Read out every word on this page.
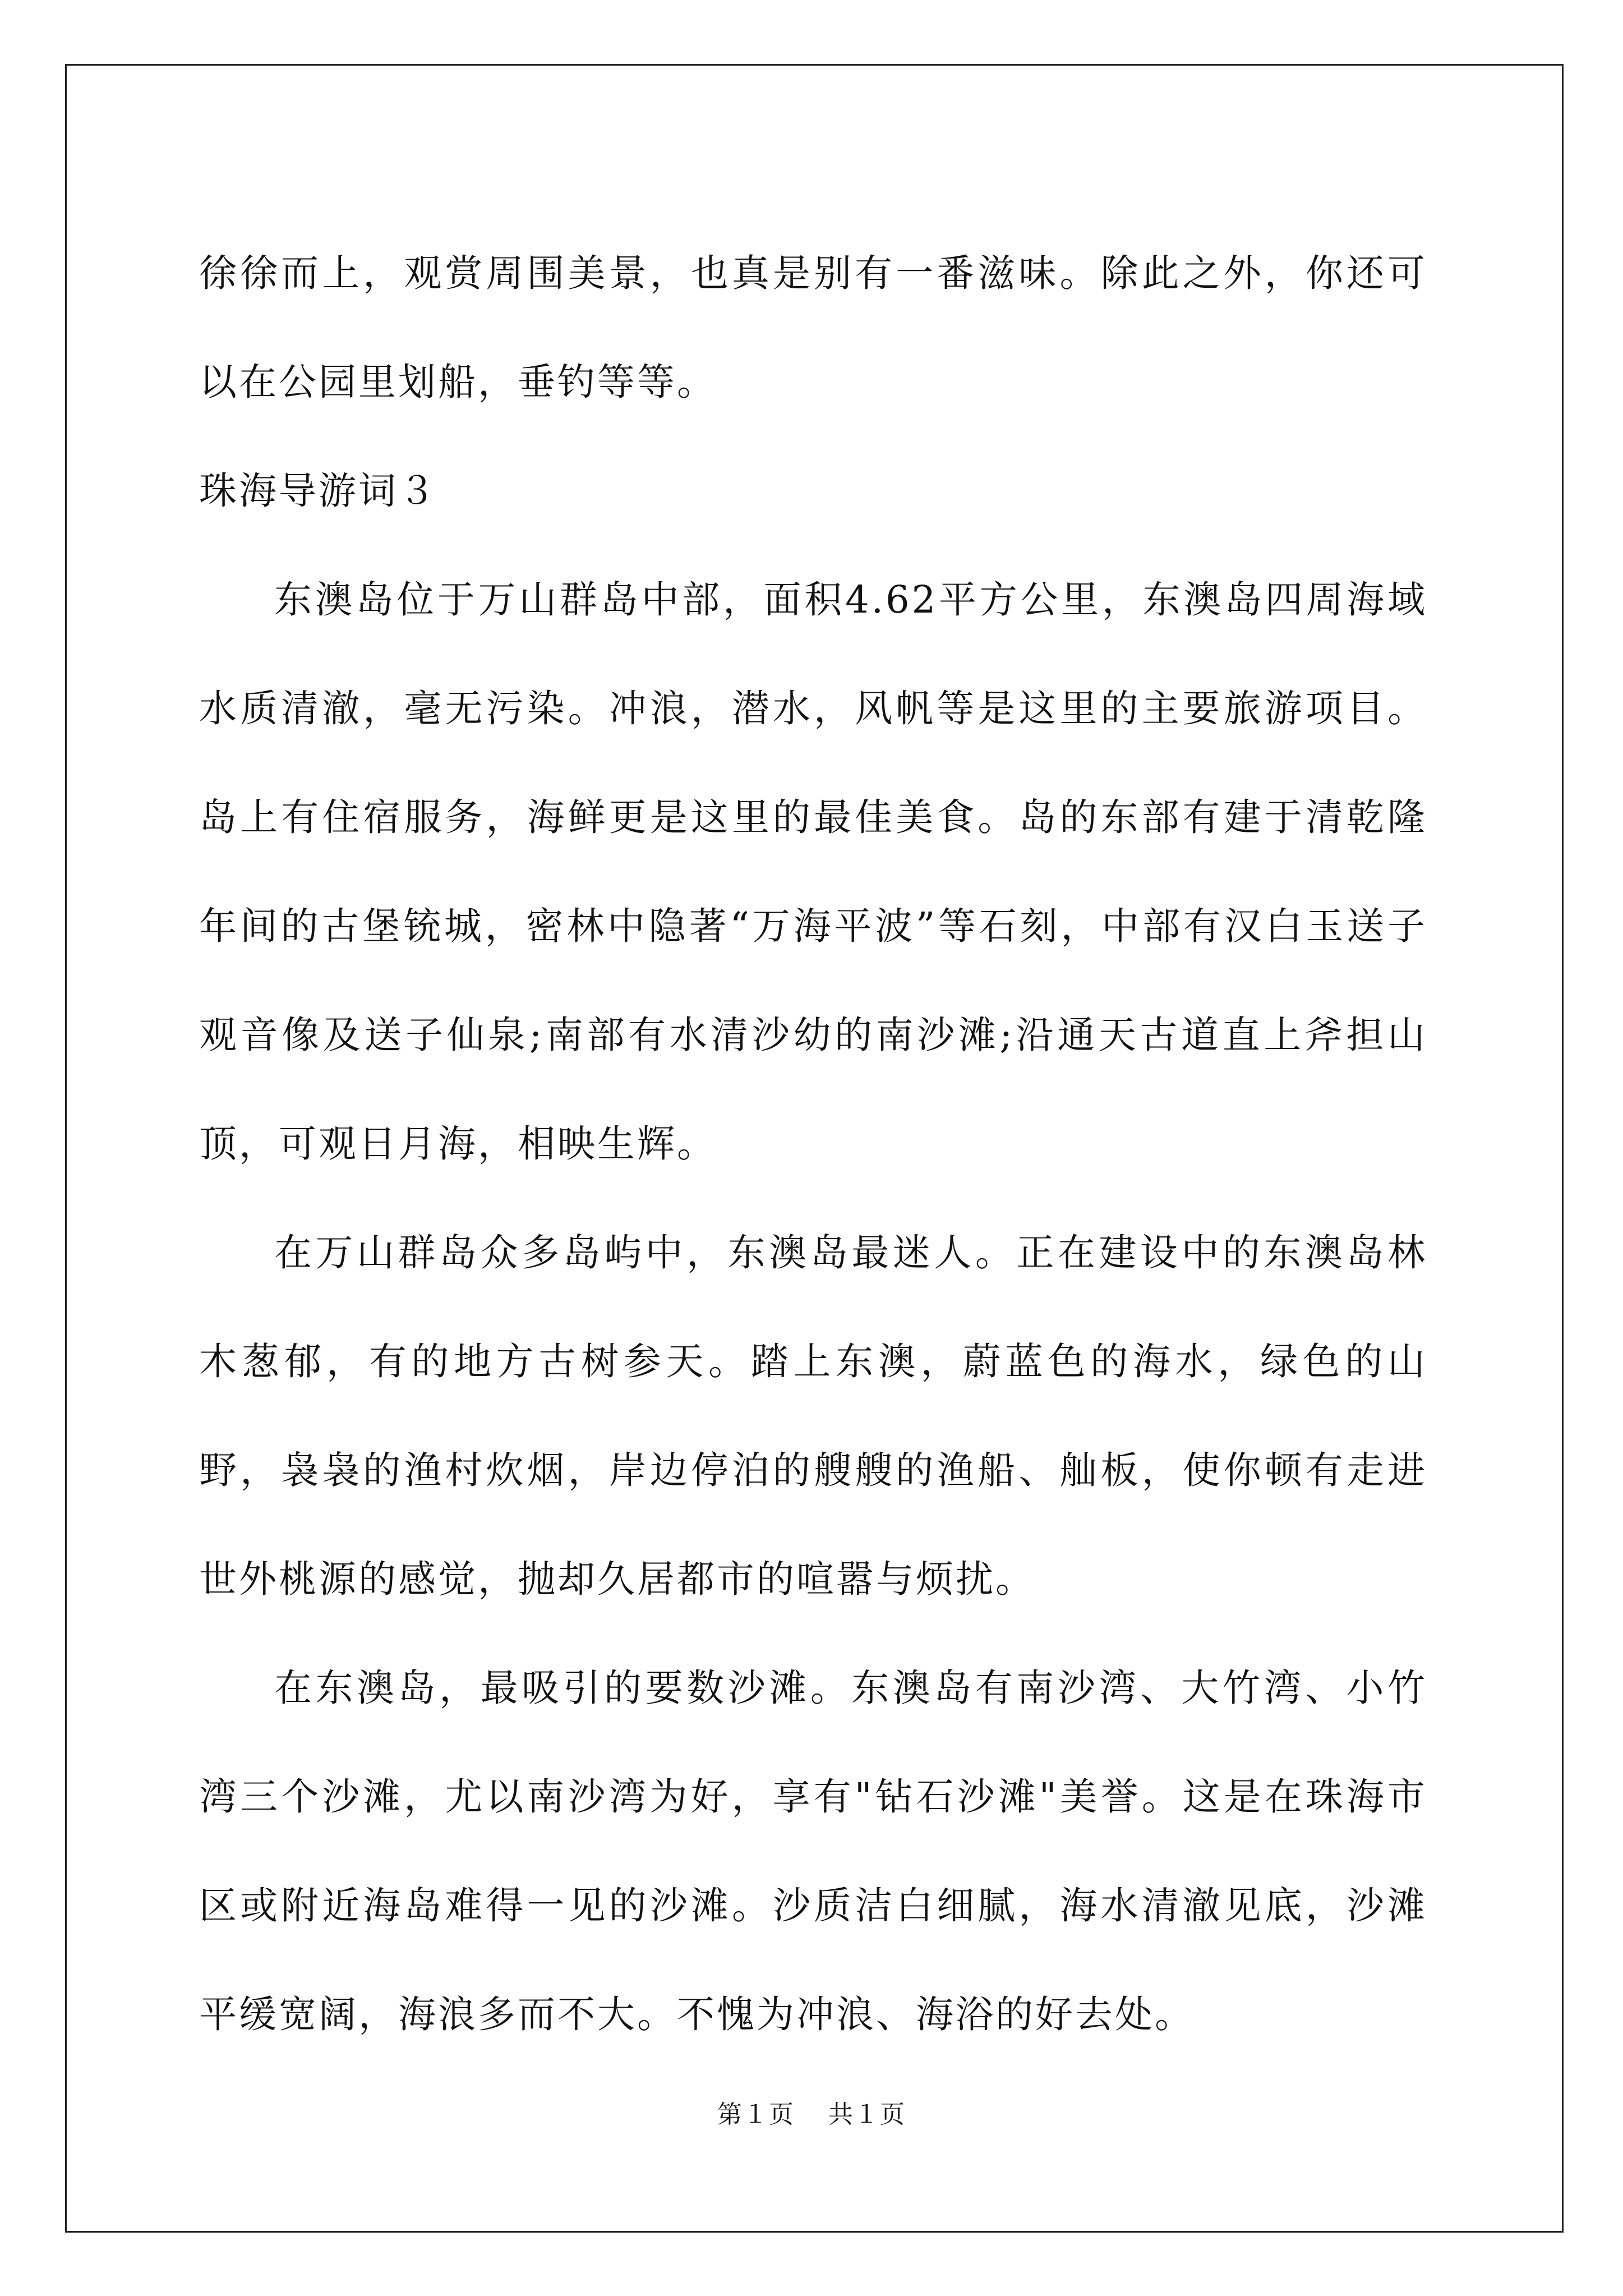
徐徐而上，观赏周围美景，也真是别有一番滋味。除此之外，你还可以在公园里划船，垂钓等等。

珠海导游词３

东澳岛位于万山群岛中部，面积4.62平方公里，东澳岛四周海域水质清澈，毫无污染。冲浪，潜水，风帆等是这里的主要旅游项目。岛上有住宿服务，海鲜更是这里的最佳美食。岛的东部有建于清乾隆年间的古堡铳城，密林中隐著“万海平波”等石刻，中部有汉白玉送子观音像及送子仙泉;南部有水清沙幼的南沙滩;沿通天古道直上斧担山顶，可观日月海，相映生辉。

在万山群岛众多岛屿中，东澳岛最迷人。正在建设中的东澳岛林木葱郁，有的地方古树参天。踏上东澳，蔚蓝色的海水，绿色的山野，袅袅的渔村炊烟，岸边停泊的艘艘的渔船、舢板，使你顿有走进世外桃源的感觉，抛却久居都市的喧嚣与烦扰。

在东澳岛，最吸引的要数沙滩。东澳岛有南沙湾、大竹湾、小竹湾三个沙滩，尤以南沙湾为好，享有"钻石沙滩"美誉。这是在珠海市区或附近海岛难得一见的沙滩。沙质洁白细腻，海水清澈见底，沙滩平缓宽阔，海浪多而不大。不愧为冲浪、海浴的好去处。

第１页 共１页
